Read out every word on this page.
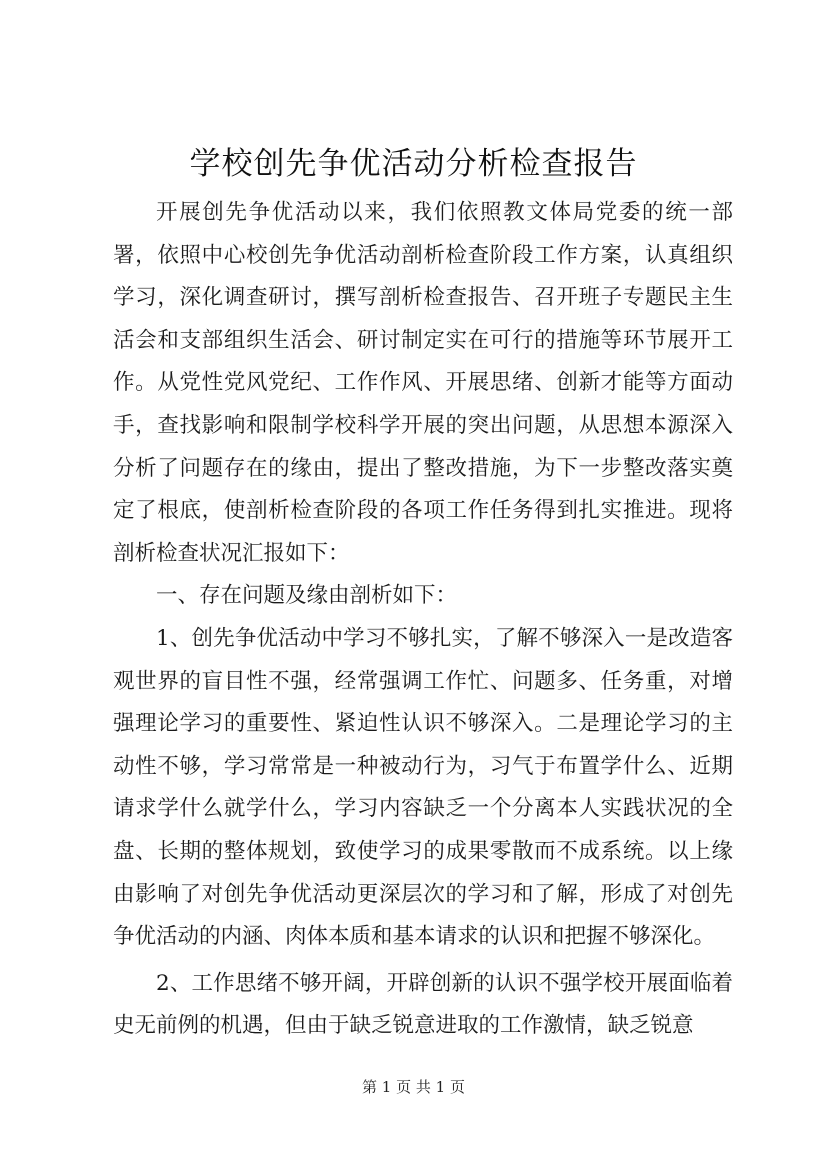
学校创先争优活动分析检查报告

开展创先争优活动以来，我们依照教文体局党委的统一部署，依照中心校创先争优活动剖析检查阶段工作方案，认真组织学习，深化调查研讨，撰写剖析检查报告、召开班子专题民主生活会和支部组织生活会、研讨制定实在可行的措施等环节展开工作。从党性党风党纪、工作作风、开展思绪、创新才能等方面动手，查找影响和限制学校科学开展的突出问题，从思想本源深入分析了问题存在的缘由，提出了整改措施，为下一步整改落实奠定了根底，使剖析检查阶段的各项工作任务得到扎实推进。现将剖析检查状况汇报如下：

一、存在问题及缘由剖析如下：

1、创先争优活动中学习不够扎实，了解不够深入一是改造客观世界的盲目性不强，经常强调工作忙、问题多、任务重，对增强理论学习的重要性、紧迫性认识不够深入。二是理论学习的主动性不够，学习常常是一种被动行为，习气于布置学什么、近期请求学什么就学什么，学习内容缺乏一个分离本人实践状况的全盘、长期的整体规划，致使学习的成果零散而不成系统。以上缘由影响了对创先争优活动更深层次的学习和了解，形成了对创先争优活动的内涵、肉体本质和基本请求的认识和把握不够深化。

2、工作思绪不够开阔，开辟创新的认识不强学校开展面临着史无前例的机遇，但由于缺乏锐意进取的工作激情，缺乏锐意

第 1 页 共 1 页
